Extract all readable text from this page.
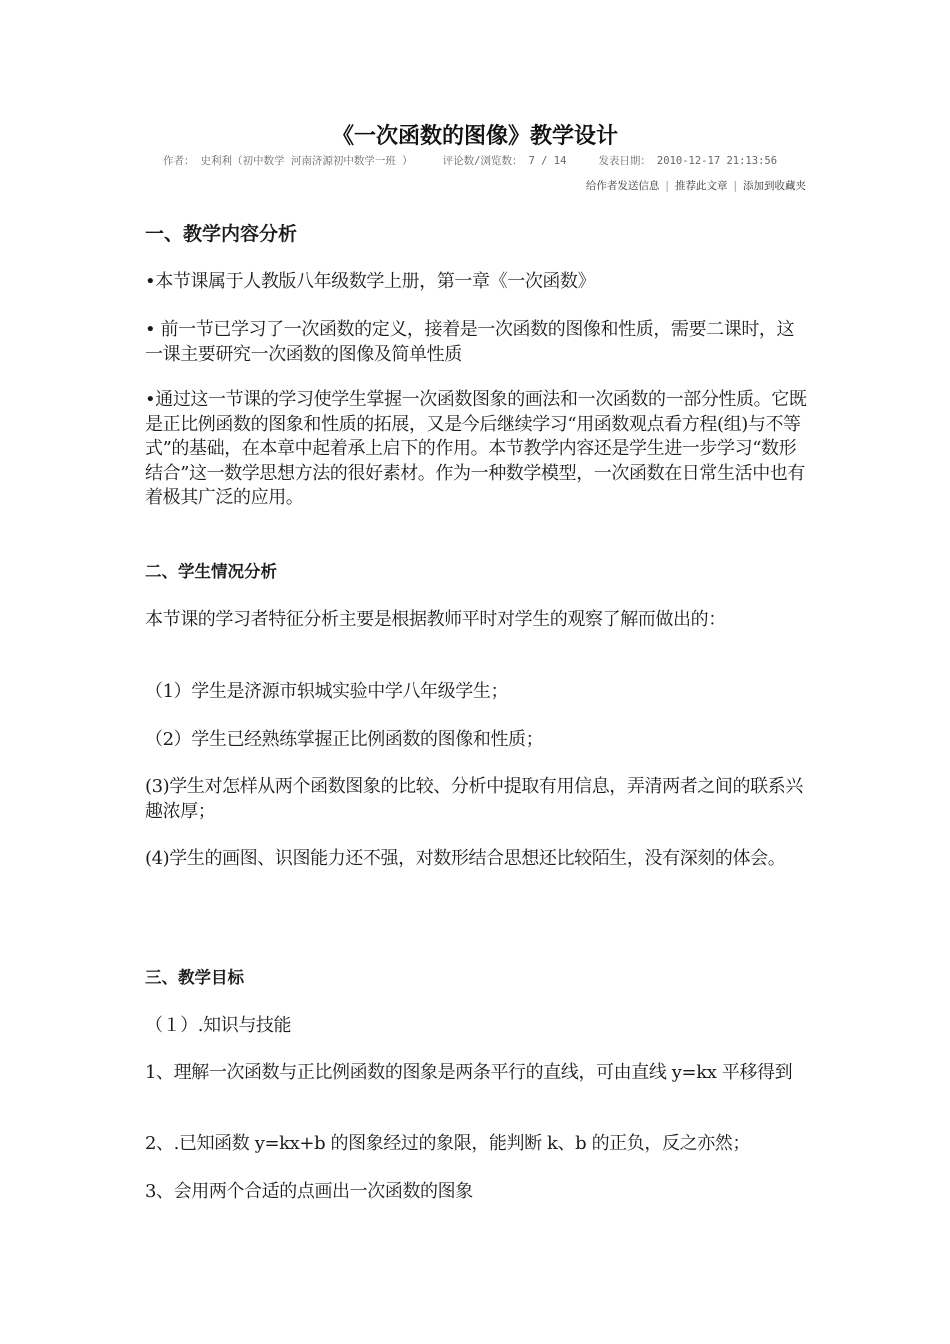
《一次函数的图像》教学设计
作者： 史利利（初中数学 河南济源初中数学一班 ）	评论数/浏览数： 7 / 14	发表日期： 2010-12-17 21:13:56
给作者发送信息 | 推荐此文章 | 添加到收藏夹
一、教学内容分析
•本节课属于人教版八年级数学上册，第一章《一次函数》
• 前一节已学习了一次函数的定义，接着是一次函数的图像和性质，需要二课时，这一课主要研究一次函数的图像及简单性质
•通过这一节课的学习使学生掌握一次函数图象的画法和一次函数的一部分性质。它既是正比例函数的图象和性质的拓展，又是今后继续学习“用函数观点看方程(组)与不等式”的基础，在本章中起着承上启下的作用。本节教学内容还是学生进一步学习“数形结合”这一数学思想方法的很好素材。作为一种数学模型，一次函数在日常生活中也有着极其广泛的应用。
二、学生情况分析
本节课的学习者特征分析主要是根据教师平时对学生的观察了解而做出的：
（1）学生是济源市轵城实验中学八年级学生；
（2）学生已经熟练掌握正比例函数的图像和性质；
(3)学生对怎样从两个函数图象的比较、分析中提取有用信息，弄清两者之间的联系兴趣浓厚；
(4)学生的画图、识图能力还不强，对数形结合思想还比较陌生，没有深刻的体会。
三、教学目标
（１）.知识与技能
1、理解一次函数与正比例函数的图象是两条平行的直线，可由直线 y=kx 平移得到
2、.已知函数 y=kx+b 的图象经过的象限，能判断 k、b 的正负，反之亦然；
3、会用两个合适的点画出一次函数的图象
